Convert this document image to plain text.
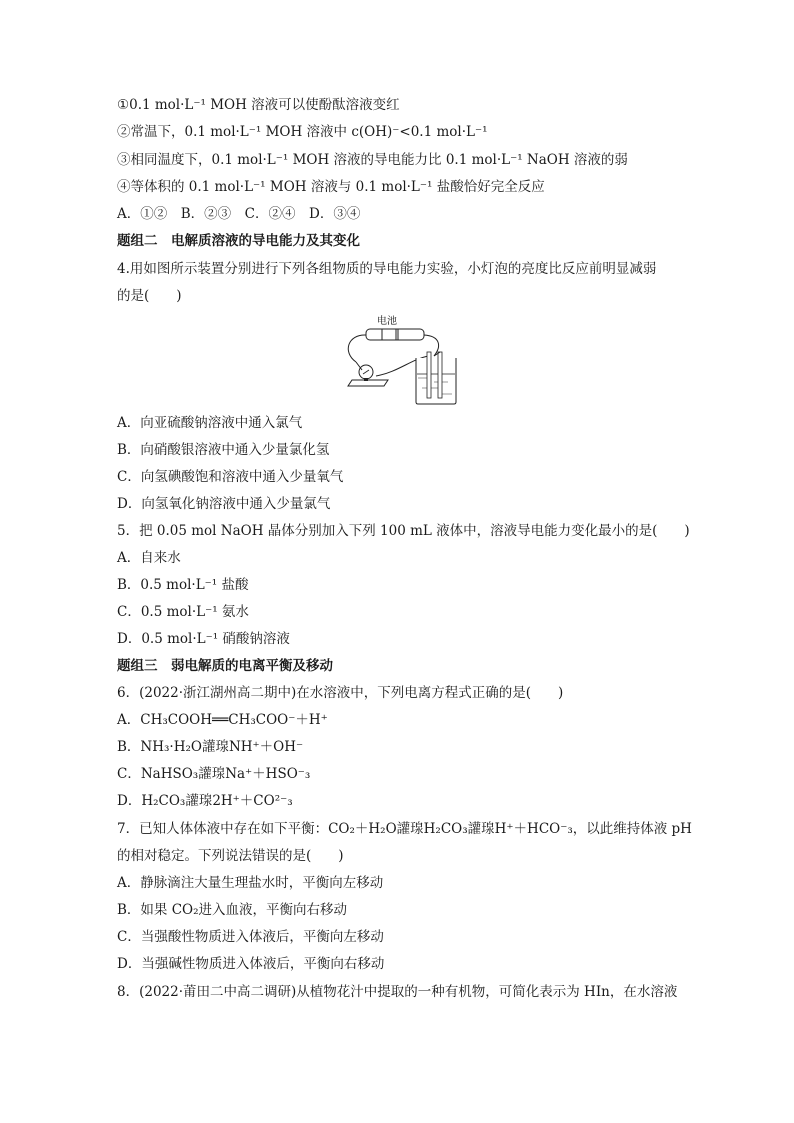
①0.1 mol·L⁻¹ MOH 溶液可以使酚酞溶液变红
②常温下，0.1 mol·L⁻¹ MOH 溶液中 c(OH)⁻<0.1 mol·L⁻¹
③相同温度下，0.1 mol·L⁻¹ MOH 溶液的导电能力比 0.1 mol·L⁻¹ NaOH 溶液的弱
④等体积的 0.1 mol·L⁻¹ MOH 溶液与 0.1 mol·L⁻¹ 盐酸恰好完全反应
A．①②　B．②③　C．②④　D．③④
题组二　电解质溶液的导电能力及其变化
4.用如图所示装置分别进行下列各组物质的导电能力实验，小灯泡的亮度比反应前明显减弱
的是(　　)
电池
A．向亚硫酸钠溶液中通入氯气
B．向硝酸银溶液中通入少量氯化氢
C．向氢碘酸饱和溶液中通入少量氧气
D．向氢氧化钠溶液中通入少量氯气
5．把 0.05 mol NaOH 晶体分别加入下列 100 mL 液体中，溶液导电能力变化最小的是(　　)
A．自来水
B．0.5 mol·L⁻¹ 盐酸
C．0.5 mol·L⁻¹ 氨水
D．0.5 mol·L⁻¹ 硝酸钠溶液
题组三　弱电解质的电离平衡及移动
6．(2022·浙江湖州高二期中)在水溶液中，下列电离方程式正确的是(　　)
A．CH₃COOH══CH₃COO⁻＋H⁺
B．NH₃·H₂O讙瑔NH⁺＋OH⁻
C．NaHSO₃讙瑔Na⁺＋HSO⁻₃
D．H₂CO₃讙瑔2H⁺＋CO²⁻₃
7．已知人体体液中存在如下平衡：CO₂＋H₂O讙瑔H₂CO₃讙瑔H⁺＋HCO⁻₃，以此维持体液 pH
的相对稳定。下列说法错误的是(　　)
A．静脉滴注大量生理盐水时，平衡向左移动
B．如果 CO₂进入血液，平衡向右移动
C．当强酸性物质进入体液后，平衡向左移动
D．当强碱性物质进入体液后，平衡向右移动
8．(2022·莆田二中高二调研)从植物花汁中提取的一种有机物，可简化表示为 HIn，在水溶液
